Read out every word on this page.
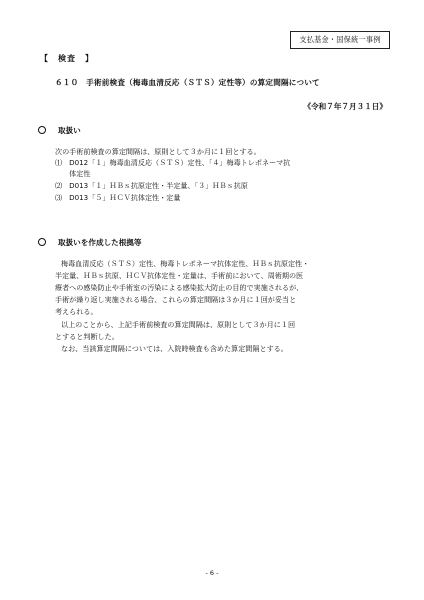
支払基金・国保統一事例
【　検査　】
６１０　手術前検査（梅毒血清反応（ＳＴＳ）定性等）の算定間隔について
《令和７年７月３１日》
取扱い
次の手術前検査の算定間隔は、原則として３か月に１回とする。
⑴　D012「１」梅毒血清反応（ＳＴＳ）定性、「４」梅毒トレポネーマ抗
　　体定性
⑵　D013「１」ＨＢｓ抗原定性・半定量、「３」ＨＢｓ抗原
⑶　D013「５」ＨＣＶ抗体定性・定量
取扱いを作成した根拠等
梅毒血清反応（ＳＴＳ）定性、梅毒トレポネーマ抗体定性、ＨＢｓ抗原定性・
半定量、ＨＢｓ抗原、ＨＣＶ抗体定性・定量は、手術前において、周術期の医
療者への感染防止や手術室の汚染による感染拡大防止の目的で実施されるが、
手術が繰り返し実施される場合、これらの算定間隔は３か月に１回が妥当と
考えられる。
以上のことから、上記手術前検査の算定間隔は、原則として３か月に１回
とすると判断した。
なお、当該算定間隔については、入院時検査も含めた算定間隔とする。
- 6 -
